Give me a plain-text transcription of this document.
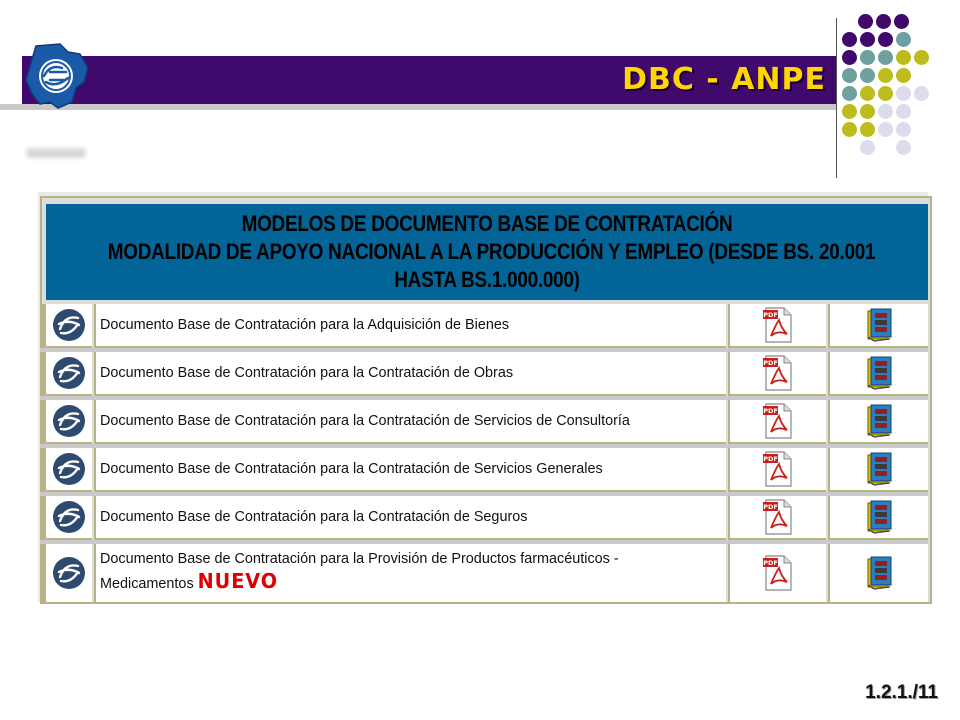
DBC - ANPE
MODELOS DE DOCUMENTO BASE DE CONTRATACIÓN
MODALIDAD DE APOYO NACIONAL A LA PRODUCCIÓN Y EMPLEO (DESDE BS. 20.001
HASTA BS.1.000.000)
Documento Base de Contratación para la Adquisición de Bienes
PDF
Documento Base de Contratación para la Contratación de Obras
PDF
Documento Base de Contratación para la Contratación de Servicios de Consultoría
PDF
Documento Base de Contratación para la Contratación de Servicios Generales
PDF
Documento Base de Contratación para la Contratación de Seguros
PDF
Documento Base de Contratación para la Provisión de Productos farmacéuticos -
Medicamentos NUEVO
PDF
1.2.1./11
